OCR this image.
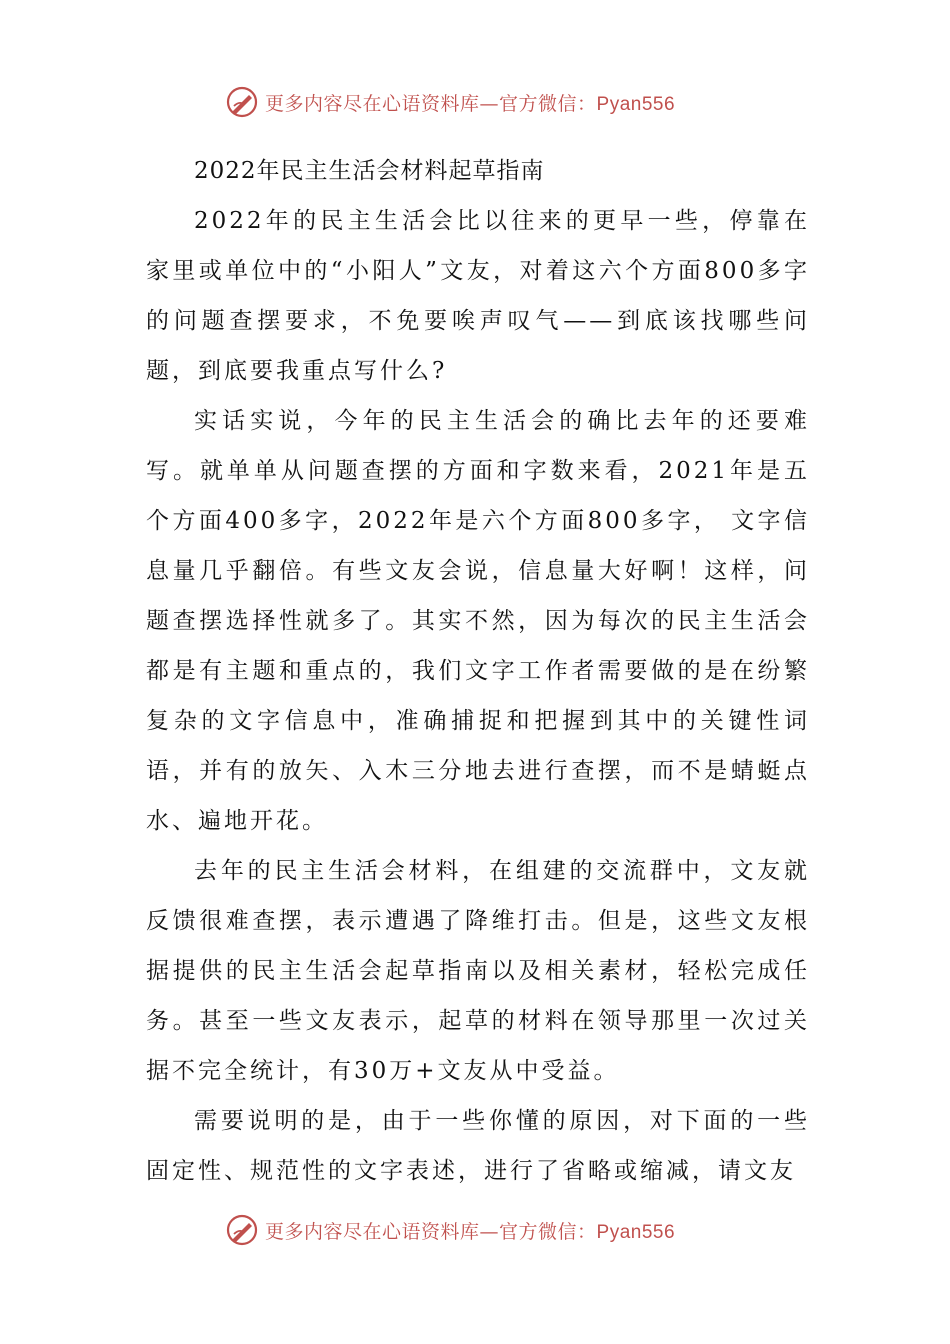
更多内容尽在心语资料库—官方微信：Pyan556

2022年民主生活会材料起草指南

2022年的民主生活会比以往来的更早一些，停靠在家里或单位中的“小阳人”文友，对着这六个方面800多字的问题查摆要求，不免要唉声叹气——到底该找哪些问题，到底要我重点写什么?

实话实说，今年的民主生活会的确比去年的还要难写。就单单从问题查摆的方面和字数来看，2021年是五个方面400多字，2022年是六个方面800多字， 文字信息量几乎翻倍。有些文友会说，信息量大好啊！这样，问题查摆选择性就多了。其实不然，因为每次的民主生活会都是有主题和重点的，我们文字工作者需要做的是在纷繁复杂的文字信息中，准确捕捉和把握到其中的关键性词语，并有的放矢、入木三分地去进行查摆，而不是蜻蜓点水、遍地开花。

去年的民主生活会材料，在组建的交流群中，文友就反馈很难查摆，表示遭遇了降维打击。但是，这些文友根据提供的民主生活会起草指南以及相关素材，轻松完成任务。甚至一些文友表示，起草的材料在领导那里一次过关据不完全统计，有30万+文友从中受益。

需要说明的是，由于一些你懂的原因，对下面的一些固定性、规范性的文字表述，进行了省略或缩减，请文友

更多内容尽在心语资料库—官方微信：Pyan556
